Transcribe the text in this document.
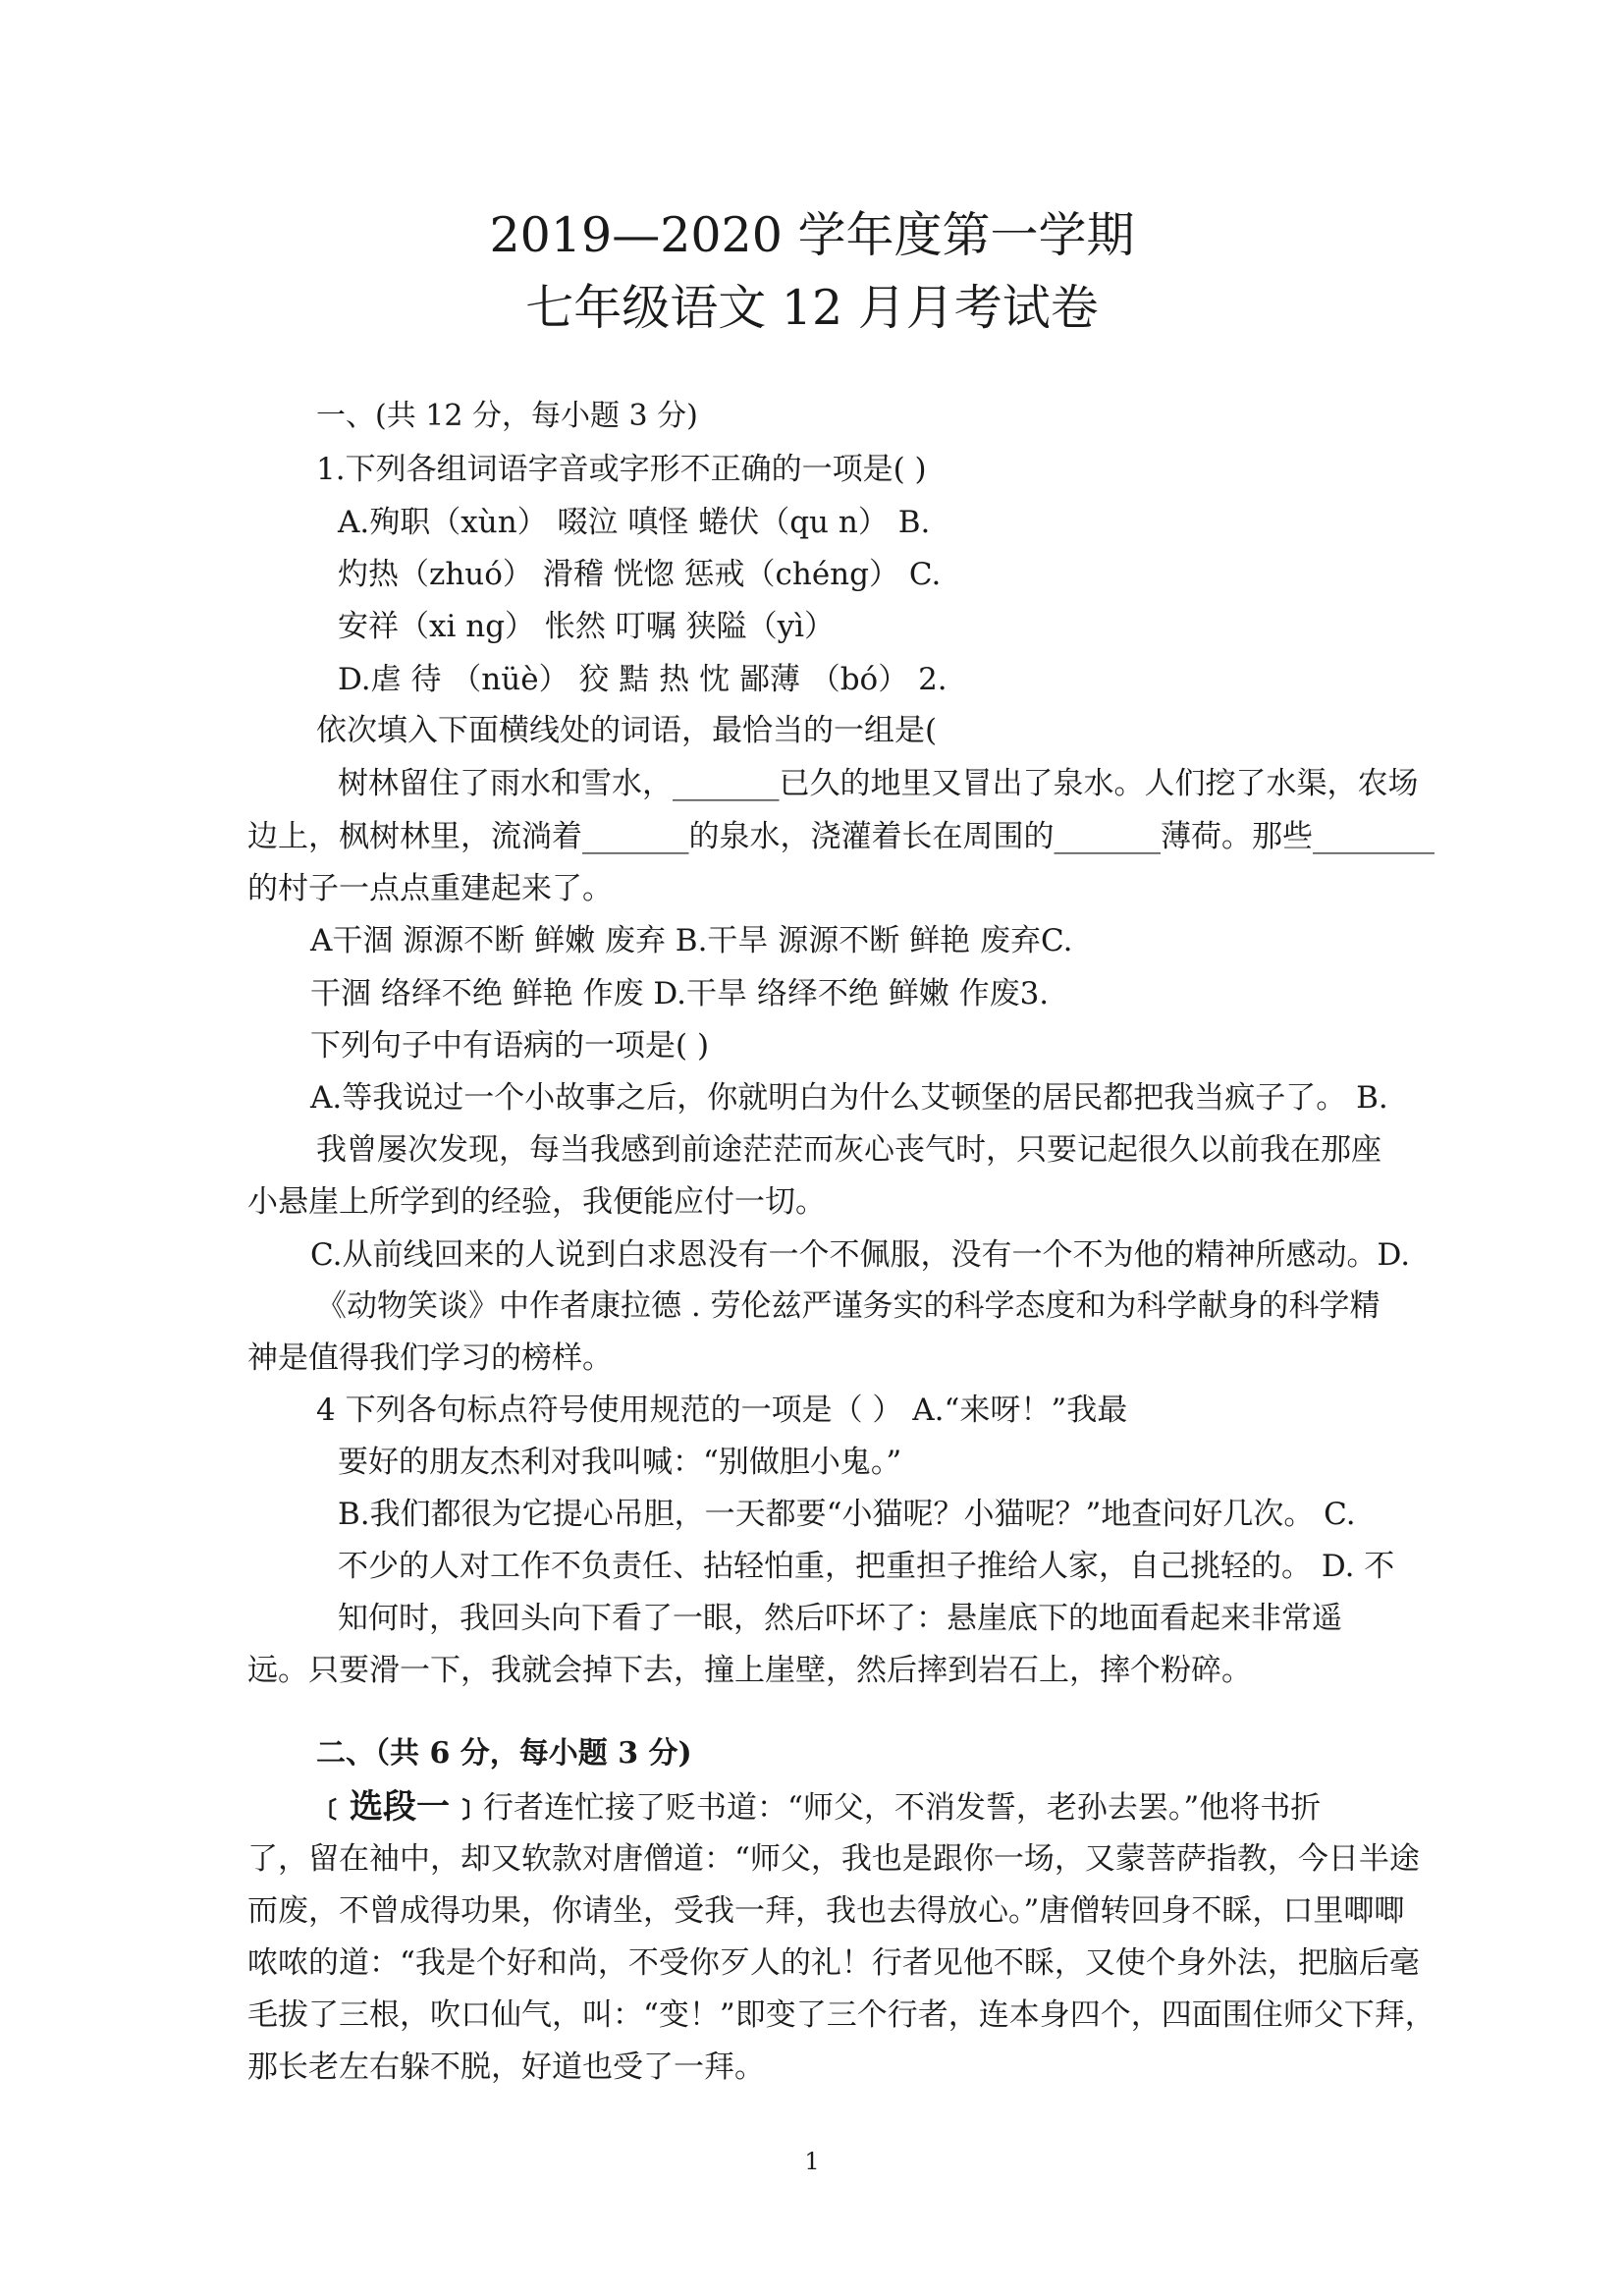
2019—2020 学年度第一学期
七年级语文 12 月月考试卷
一、(共 12 分，每小题 3 分)
1.下列各组词语字音或字形不正确的一项是( )
A.殉职（xùn） 啜泣 嗔怪 蜷伏（qu n） B.
灼热（zhuó） 滑稽 恍惚 惩戒（chéng） C.
安祥（xi ng） 怅然 叮嘱 狭隘（yì）
D.虐 待 （nüè） 狡 黠 热 忱 鄙薄 （bó） 2.
依次填入下面横线处的词语，最恰当的一组是(
树林留住了雨水和雪水，_______已久的地里又冒出了泉水。人们挖了水渠，农场
边上，枫树林里，流淌着_______的泉水，浇灌着长在周围的_______薄荷。那些________
的村子一点点重建起来了。
A干涸 源源不断 鲜嫩 废弃 B.干旱 源源不断 鲜艳 废弃C.
干涸 络绎不绝 鲜艳 作废 D.干旱 络绎不绝 鲜嫩 作废3.
下列句子中有语病的一项是( )
A.等我说过一个小故事之后，你就明白为什么艾顿堡的居民都把我当疯子了。 B.
我曾屡次发现，每当我感到前途茫茫而灰心丧气时，只要记起很久以前我在那座
小悬崖上所学到的经验，我便能应付一切。
C.从前线回来的人说到白求恩没有一个不佩服，没有一个不为他的精神所感动。D.
《动物笑谈》中作者康拉德 . 劳伦兹严谨务实的科学态度和为科学献身的科学精
神是值得我们学习的榜样。
4 下列各句标点符号使用规范的一项是（ ） A.“来呀！”我最
要好的朋友杰利对我叫喊：“别做胆小鬼。”
B.我们都很为它提心吊胆，一天都要“小猫呢？小猫呢？”地查问好几次。 C.
不少的人对工作不负责任、拈轻怕重，把重担子推给人家，自己挑轻的。 D. 不
知何时，我回头向下看了一眼，然后吓坏了：悬崖底下的地面看起来非常遥
远。只要滑一下，我就会掉下去，撞上崖壁，然后摔到岩石上，摔个粉碎。
二、（共 6 分，每小题 3 分)
﹝选段一﹞行者连忙接了贬书道：“师父，不消发誓，老孙去罢。”他将书折
了，留在袖中，却又软款对唐僧道：“师父，我也是跟你一场，又蒙菩萨指教，今日半途
而废，不曾成得功果，你请坐，受我一拜，我也去得放心。”唐僧转回身不睬，口里唧唧
哝哝的道：“我是个好和尚，不受你歹人的礼！行者见他不睬，又使个身外法，把脑后毫
毛拔了三根，吹口仙气，叫：“变！”即变了三个行者，连本身四个，四面围住师父下拜，
那长老左右躲不脱，好道也受了一拜。
1
